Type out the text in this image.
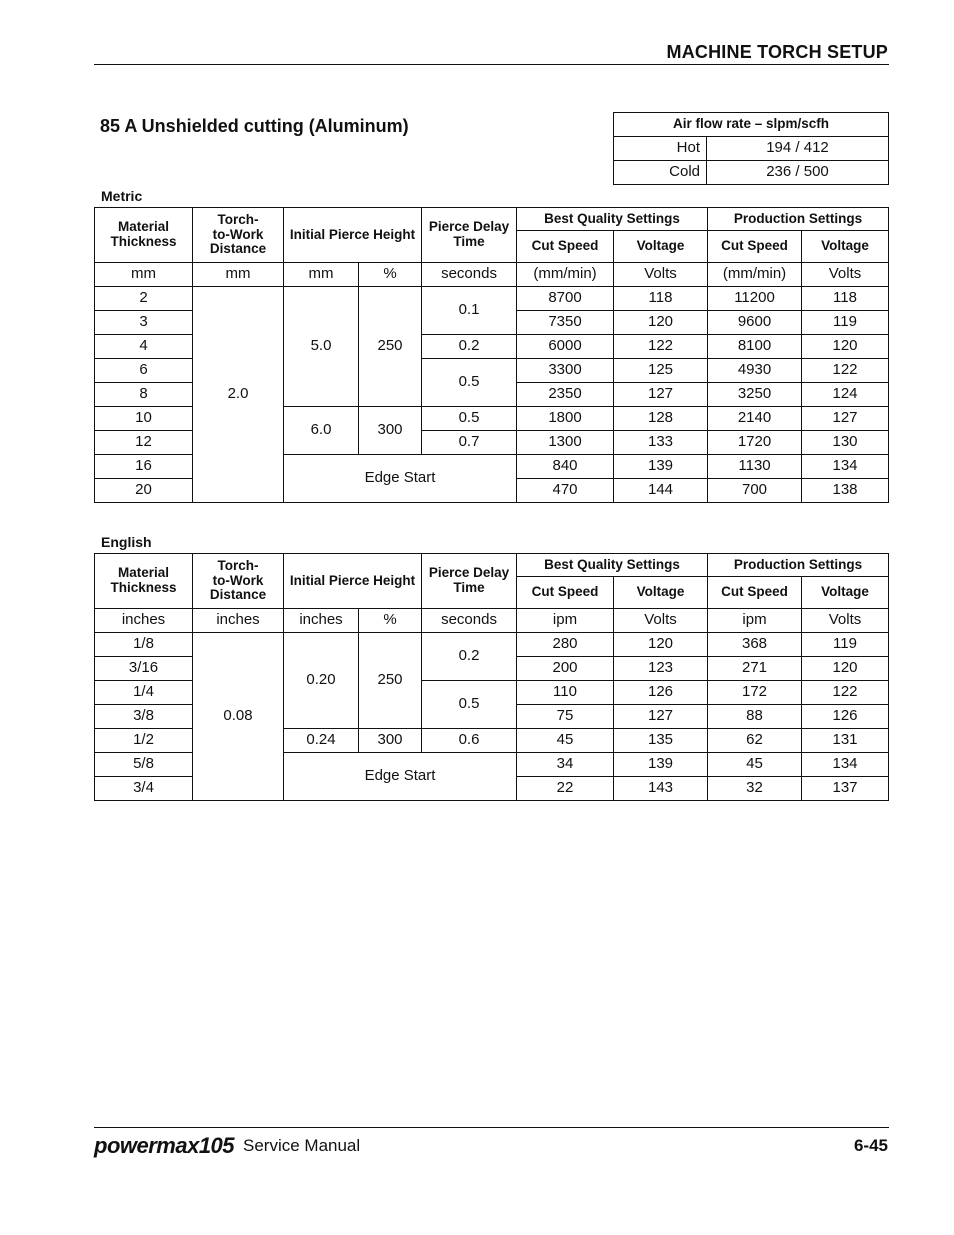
MACHINE TORCH SETUP
85 A Unshielded cutting (Aluminum)	Air flow rate – slpm/scfh	
Hot	194 / 412
Cold	236 / 500
Metric
Material Thickness	Torch-
to-Work
Distance	Initial Pierce Height		Pierce Delay Time	Best Quality Settings		Production Settings	
					Cut Speed	Voltage	Cut Speed	Voltage
mm	mm	mm	%	seconds	(mm/min)	Volts	(mm/min)	Volts
2	2.0	5.0	250	0.1	8700	118	11200	118
3					7350	120	9600	119
4				0.2	6000	122	8100	120
6				0.5	3300	125	4930	122
8					2350	127	3250	124
10		6.0	300	0.5	1800	128	2140	127
12				0.7	1300	133	1720	130
16		Edge Start			840	139	1130	134
20					470	144	700	138
English
Material Thickness	Torch-
to-Work
Distance	Initial Pierce Height		Pierce Delay Time	Best Quality Settings		Production Settings	
					Cut Speed	Voltage	Cut Speed	Voltage
inches	inches	inches	%	seconds	ipm	Volts	ipm	Volts
1/8	0.08	0.20	250	0.2	280	120	368	119
3/16					200	123	271	120
1/4				0.5	110	126	172	122
3/8					75	127	88	126
1/2		0.24	300	0.6	45	135	62	131
5/8		Edge Start			34	139	45	134
3/4					22	143	32	137
powermax105 Service Manual	6-45
